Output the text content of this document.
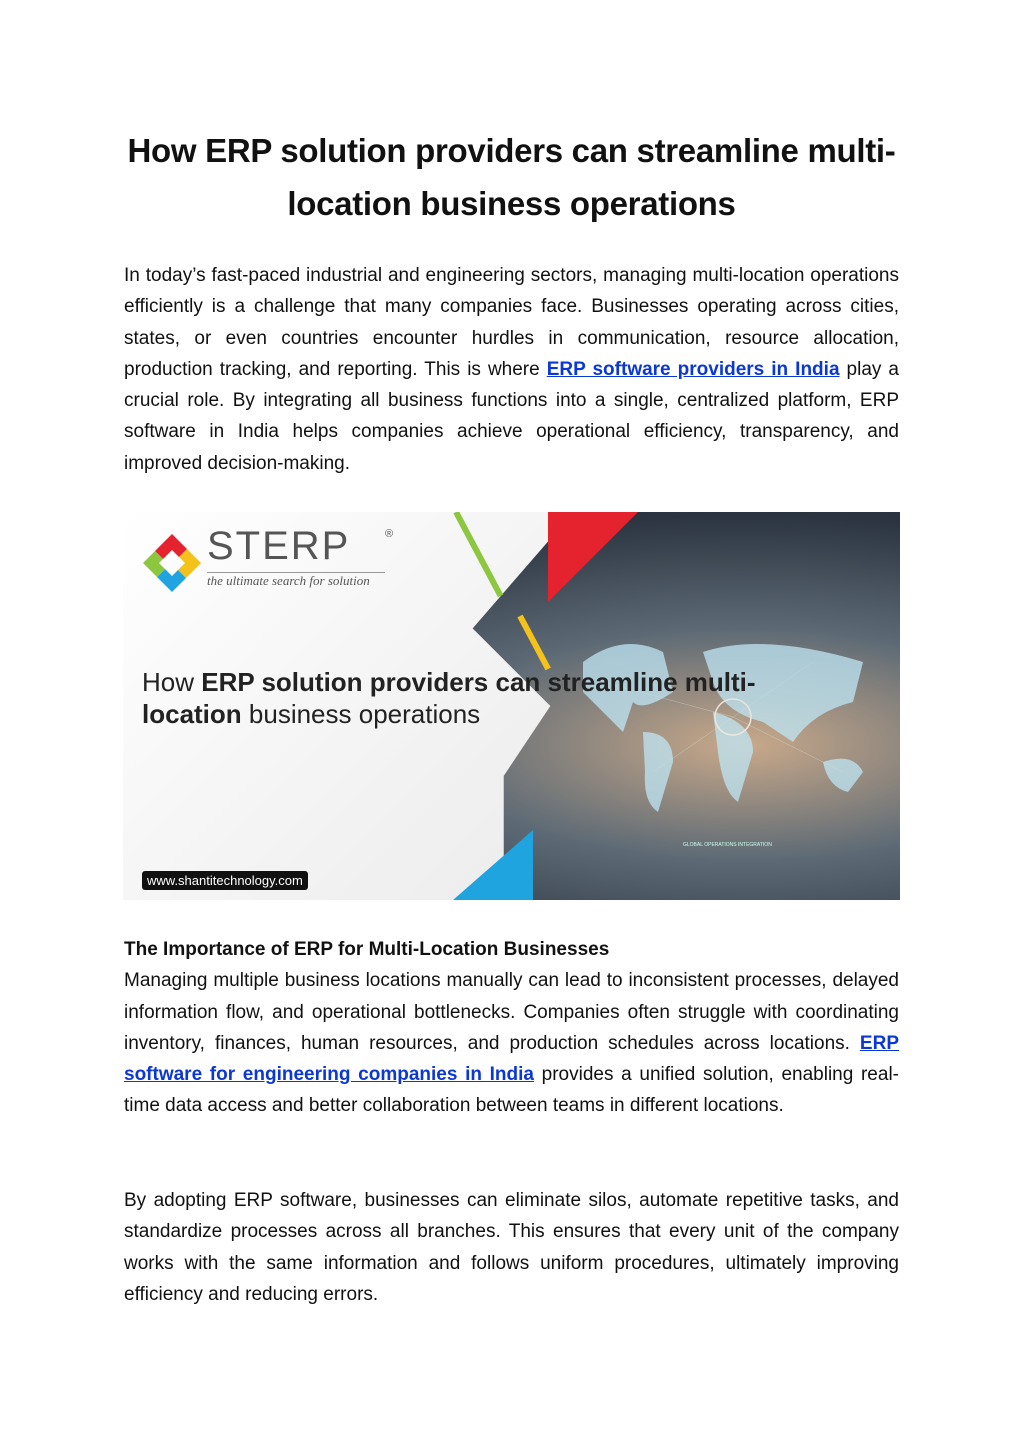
How ERP solution providers can streamline multi-location business operations

In today’s fast-paced industrial and engineering sectors, managing multi-location operations efficiently is a challenge that many companies face. Businesses operating across cities, states, or even countries encounter hurdles in communication, resource allocation, production tracking, and reporting. This is where ERP software providers in India play a crucial role. By integrating all business functions into a single, centralized platform, ERP software in India helps companies achieve operational efficiency, transparency, and improved decision-making.

GLOBAL OPERATIONS INTEGRATION
STERP	®
the ultimate search for solution
How ERP solution providers can streamline multi-
location business operations
www.shantitechnology.com

The Importance of ERP for Multi-Location Businesses
Managing multiple business locations manually can lead to inconsistent processes, delayed information flow, and operational bottlenecks. Companies often struggle with coordinating inventory, finances, human resources, and production schedules across locations. ERP software for engineering companies in India provides a unified solution, enabling real-time data access and better collaboration between teams in different locations.

By adopting ERP software, businesses can eliminate silos, automate repetitive tasks, and standardize processes across all branches. This ensures that every unit of the company works with the same information and follows uniform procedures, ultimately improving efficiency and reducing errors.
